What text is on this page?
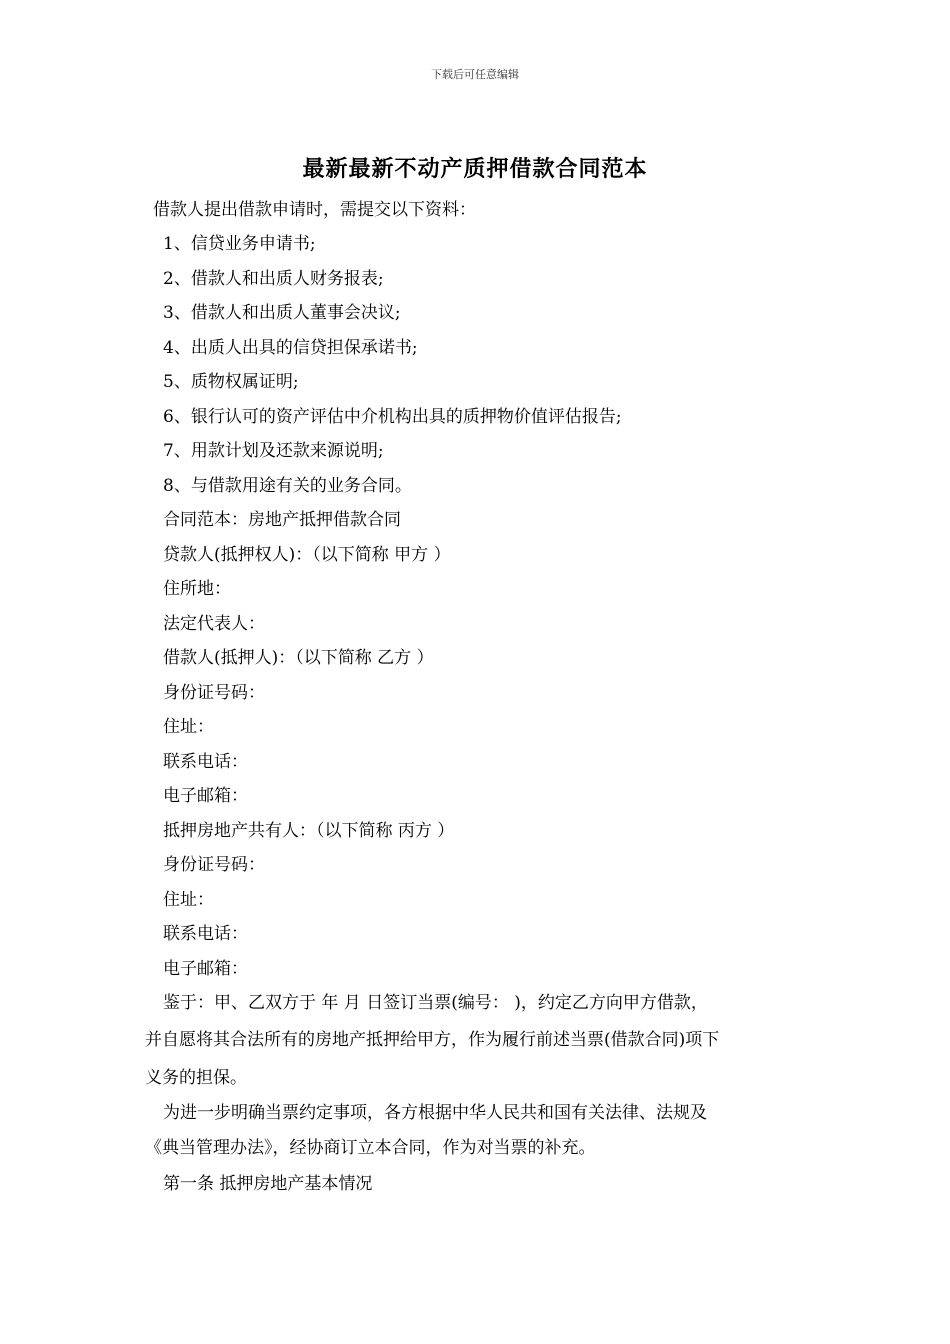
下载后可任意编辑
最新最新不动产质押借款合同范本
借款人提出借款申请时，需提交以下资料：
1、信贷业务申请书;
2、借款人和出质人财务报表;
3、借款人和出质人董事会决议;
4、出质人出具的信贷担保承诺书;
5、质物权属证明;
6、银行认可的资产评估中介机构出具的质押物价值评估报告;
7、用款计划及还款来源说明;
8、与借款用途有关的业务合同。
合同范本：房地产抵押借款合同
贷款人(抵押权人)：（以下简称 甲方 ）
住所地：
法定代表人：
借款人(抵押人)：（以下简称 乙方 ）
身份证号码：
住址：
联系电话：
电子邮箱：
抵押房地产共有人：（以下简称 丙方 ）
身份证号码：
住址：
联系电话：
电子邮箱：
鉴于：甲、乙双方于 年 月 日签订当票(编号： )，约定乙方向甲方借款，
并自愿将其合法所有的房地产抵押给甲方，作为履行前述当票(借款合同)项下
义务的担保。
为进一步明确当票约定事项，各方根据中华人民共和国有关法律、法规及
《典当管理办法》，经协商订立本合同，作为对当票的补充。
第一条 抵押房地产基本情况
